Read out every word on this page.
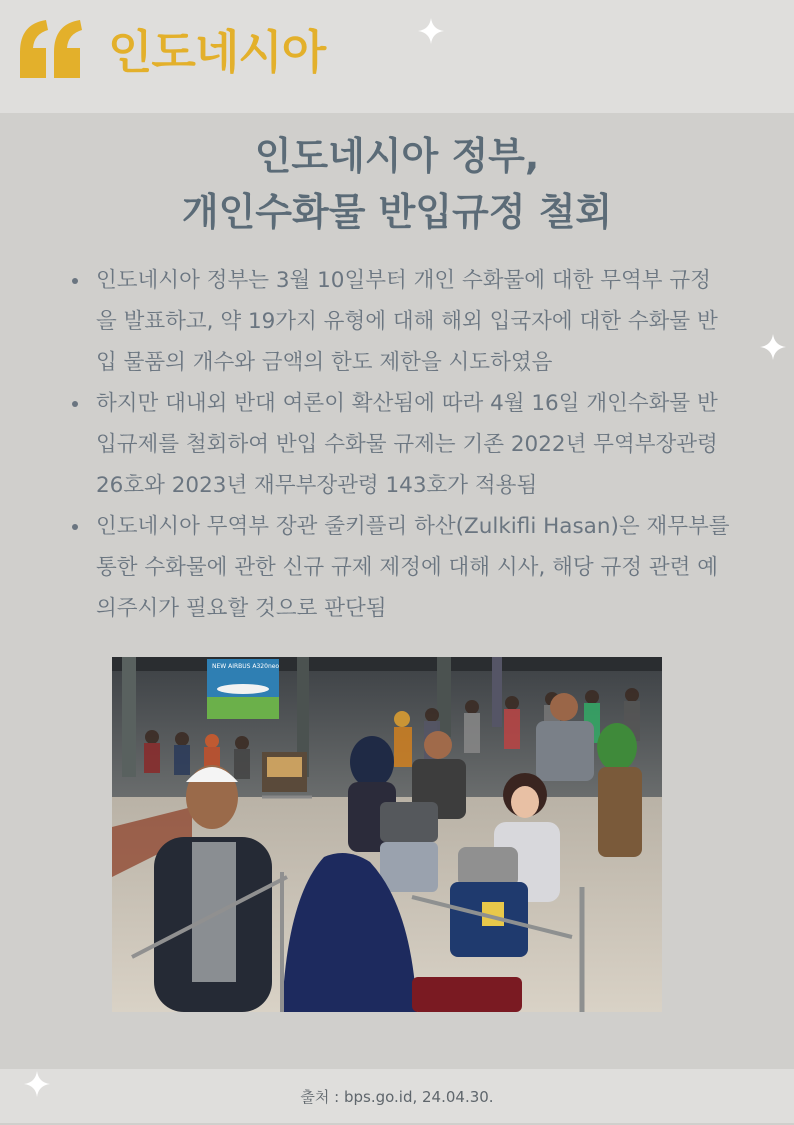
인도네시아
인도네시아 정부,
개인수화물 반입규정 철회
인도네시아 정부는 3월 10일부터 개인 수화물에 대한 무역부 규정을 발표하고, 약 19가지 유형에 대해 해외 입국자에 대한 수화물 반입 물품의 개수와 금액의 한도 제한을 시도하였음
하지만 대내외 반대 여론이 확산됨에 따라 4월 16일 개인수화물 반입규제를 철회하여 반입 수화물 규제는 기존 2022년 무역부장관령 26호와 2023년 재무부장관령 143호가 적용됨
인도네시아 무역부 장관 줄키플리 하산(Zulkifli Hasan)은 재무부를 통한 수화물에 관한 신규 규제 제정에 대해 시사, 해당 규정 관련 예의주시가 필요할 것으로 판단됨
NEW AIRBUS A320neo
출처 : bps.go.id, 24.04.30.
